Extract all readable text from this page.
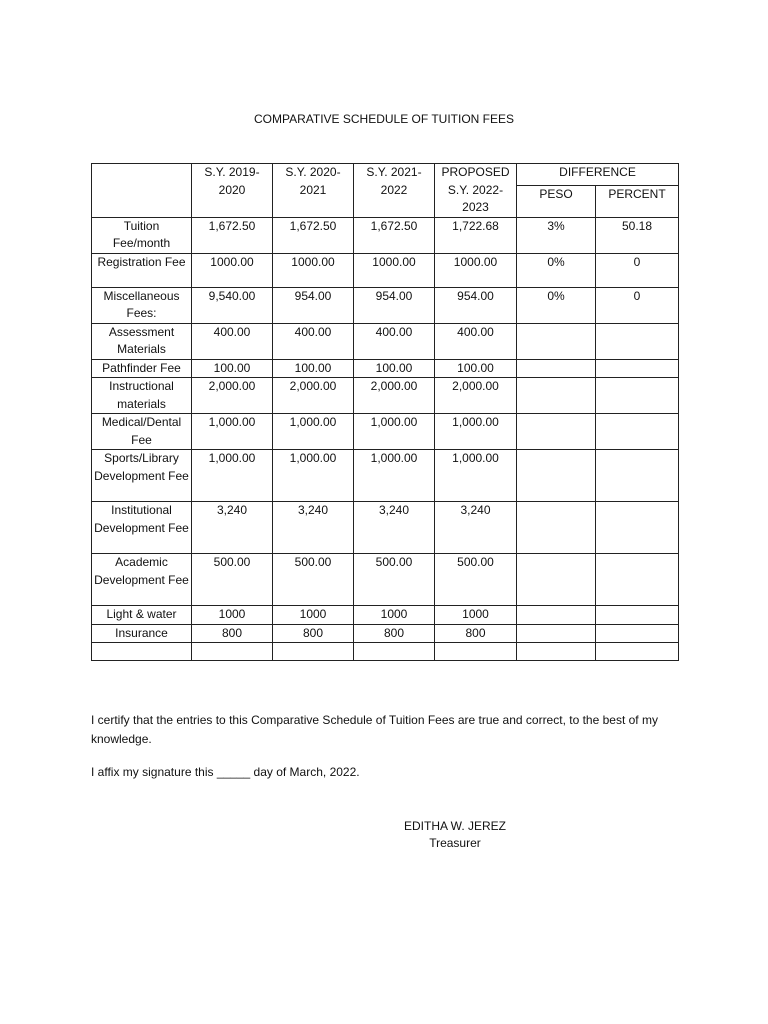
COMPARATIVE SCHEDULE OF TUITION FEES
	S.Y. 2019-2020	S.Y. 2020-2021	S.Y. 2021-2022	PROPOSED S.Y. 2022-2023	DIFFERENCE	
					PESO	PERCENT
Tuition Fee/month	1,672.50	1,672.50	1,672.50	1,722.68	3%	50.18
Registration Fee	1000.00	1000.00	1000.00	1000.00	0%	0
Miscellaneous Fees:	9,540.00	954.00	954.00	954.00	0%	0
Assessment Materials	400.00	400.00	400.00	400.00		
Pathfinder Fee	100.00	100.00	100.00	100.00		
Instructional materials	2,000.00	2,000.00	2,000.00	2,000.00		
Medical/Dental Fee	1,000.00	1,000.00	1,000.00	1,000.00		
Sports/Library Development Fee	1,000.00	1,000.00	1,000.00	1,000.00		
Institutional Development Fee	3,240	3,240	3,240	3,240		
Academic Development Fee	500.00	500.00	500.00	500.00		
Light & water	1000	1000	1000	1000		
Insurance	800	800	800	800		

I certify that the entries to this Comparative Schedule of Tuition Fees are true and correct, to the best of my knowledge.
I affix my signature this _____ day of March, 2022.
EDITHA W. JEREZ
Treasurer
